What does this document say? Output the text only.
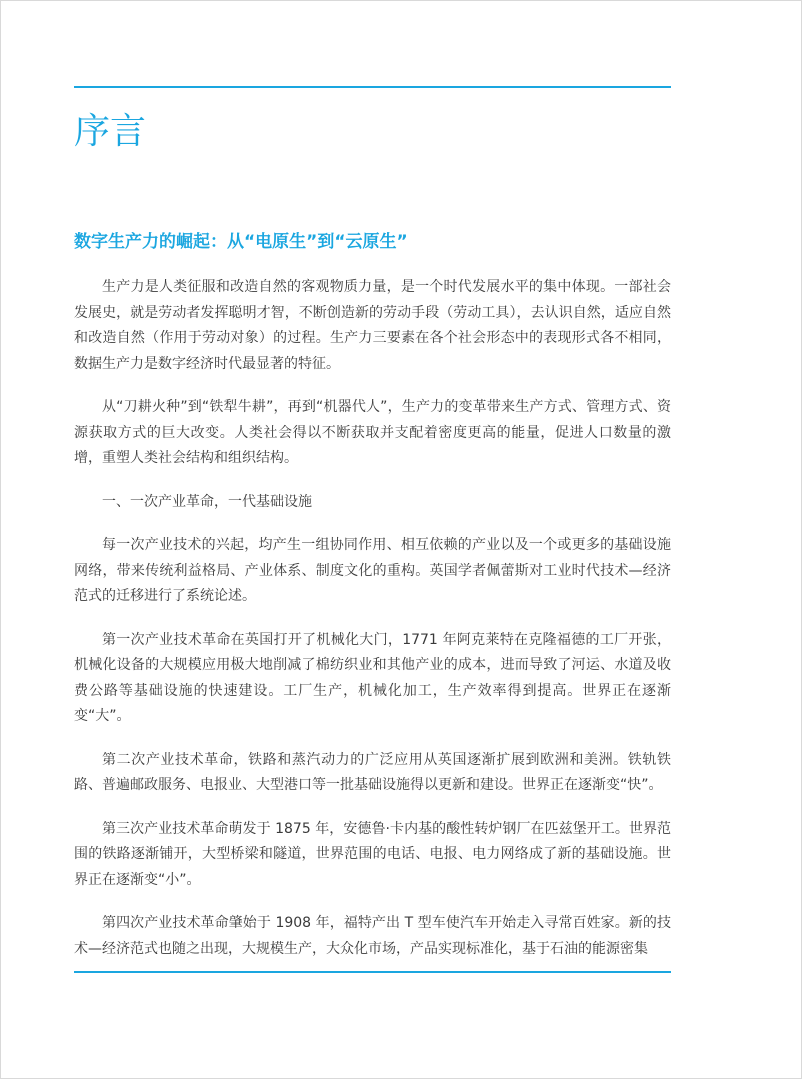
序言
数字生产力的崛起：从“电原生”到“云原生”

生产力是人类征服和改造自然的客观物质力量，是一个时代发展水平的集中体现。一部社会发展史，就是劳动者发挥聪明才智，不断创造新的劳动手段（劳动工具），去认识自然，适应自然和改造自然（作用于劳动对象）的过程。生产力三要素在各个社会形态中的表现形式各不相同，数据生产力是数字经济时代最显著的特征。

从“刀耕火种”到“铁犁牛耕”，再到“机器代人”，生产力的变革带来生产方式、管理方式、资源获取方式的巨大改变。人类社会得以不断获取并支配着密度更高的能量，促进人口数量的激增，重塑人类社会结构和组织结构。

一、一次产业革命，一代基础设施

每一次产业技术的兴起，均产生一组协同作用、相互依赖的产业以及一个或更多的基础设施网络，带来传统利益格局、产业体系、制度文化的重构。英国学者佩蕾斯对工业时代技术—经济范式的迁移进行了系统论述。

第一次产业技术革命在英国打开了机械化大门，1771 年阿克莱特在克隆福德的工厂开张，机械化设备的大规模应用极大地削减了棉纺织业和其他产业的成本，进而导致了河运、水道及收费公路等基础设施的快速建设。工厂生产，机械化加工，生产效率得到提高。世界正在逐渐变“大”。

第二次产业技术革命，铁路和蒸汽动力的广泛应用从英国逐渐扩展到欧洲和美洲。铁轨铁路、普遍邮政服务、电报业、大型港口等一批基础设施得以更新和建设。世界正在逐渐变“快”。

第三次产业技术革命萌发于 1875 年，安德鲁·卡内基的酸性转炉钢厂在匹兹堡开工。世界范围的铁路逐渐铺开，大型桥梁和隧道，世界范围的电话、电报、电力网络成了新的基础设施。世界正在逐渐变“小”。

第四次产业技术革命肇始于 1908 年，福特产出 T 型车使汽车开始走入寻常百姓家。新的技术—经济范式也随之出现，大规模生产，大众化市场，产品实现标准化，基于石油的能源密集
